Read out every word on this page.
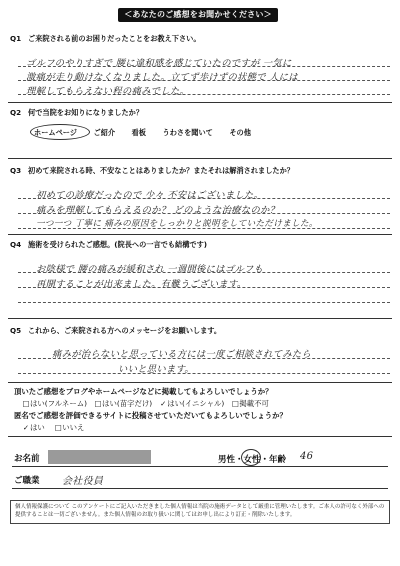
＜あなたのご感想をお聞かせください＞
Q1 ご来院される前のお困りだったことをお教え下さい。
ゴルフのやりすぎで 腰に違和感を感じていたのですが 一気に
激痛が走り動けなくなりました。立てず歩けずの状態で 人には
理解してもらえない程の痛みでした。
Q2 何で当院をお知りになりましたか？
ホームページ ご紹介 看板 うわさを聞いて その他
Q3 初めて来院される時、不安なことはありましたか？またそれは解消されましたか？
初めての診療だったので 少々 不安はございました。
痛みを理解してもらえるのか？ どのような治療なのか？
一つ一つ 丁寧に 痛みの原因をしっかりと説明をしていただけました。
Q4 施術を受けられたご感想。(院長への一言でも結構です)
お陰様で 腰の痛みが緩和され 一週間後にはゴルフも
再開することが出来ました。有難うございます。
Q5 これから、ご来院される方へのメッセージをお願いします。
痛みが治らないと思っている方には一度ご相談されてみたら
いいと思います。
頂いたご感想をブログやホームページなどに掲載してもよろしいでしょうか？
□はい(フルネーム) □はい(苗字だけ) ✓はい(イニシャル) □掲載不可
匿名でご感想を評価できるサイトに投稿させていただいてもよろしいでしょうか？
✓はい □いいえ
お名前	男性・女性・年齢 46
ご職業 会社役員
個人情報保護について このアンケートにご記入いただきました個人情報は当院の施術データとして厳重に管理いたします。ご本人の許可なく外部への提供することは一切ございません。また個人情報のお取り扱いに関してはお申し出により訂正・削除いたします。
